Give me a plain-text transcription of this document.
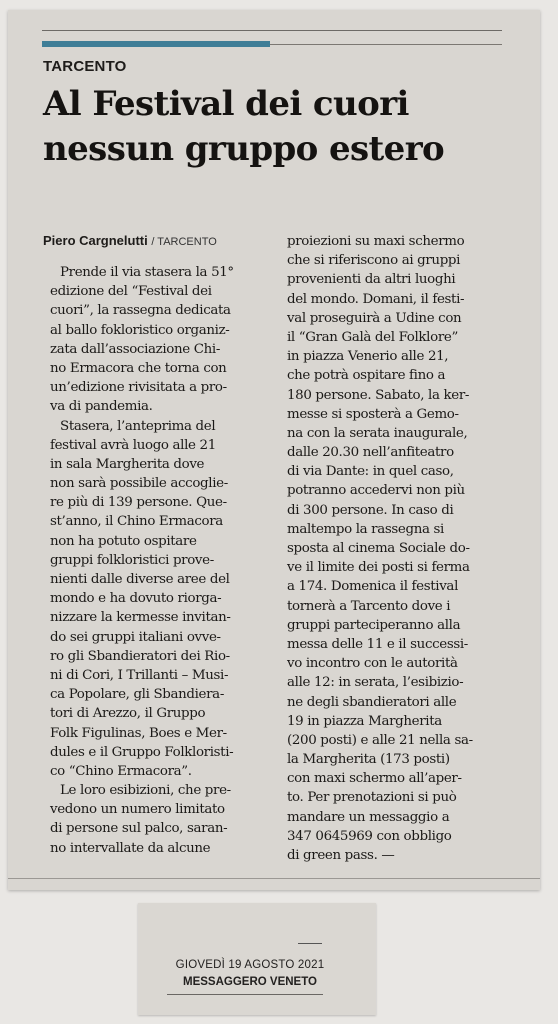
TARCENTO
Al Festival dei cuori
nessun gruppo estero
Piero Cargnelutti / TARCENTO
Prende il via stasera la 51°
edizione del “Festival dei
cuori”, la rassegna dedicata
al ballo fokloristico organiz-
zata dall’associazione Chi-
no Ermacora che torna con
un’edizione rivisitata a pro-
va di pandemia.
Stasera, l’anteprima del
festival avrà luogo alle 21
in sala Margherita dove
non sarà possibile accoglie-
re più di 139 persone. Que-
st’anno, il Chino Ermacora
non ha potuto ospitare
gruppi folkloristici prove-
nienti dalle diverse aree del
mondo e ha dovuto riorga-
nizzare la kermesse invitan-
do sei gruppi italiani ovve-
ro gli Sbandieratori dei Rio-
ni di Cori, I Trillanti – Musi-
ca Popolare, gli Sbandiera-
tori di Arezzo, il Gruppo
Folk Figulinas, Boes e Mer-
dules e il Gruppo Folkloristi-
co “Chino Ermacora”.
Le loro esibizioni, che pre-
vedono un numero limitato
di persone sul palco, saran-
no intervallate da alcune
proiezioni su maxi schermo
che si riferiscono ai gruppi
provenienti da altri luoghi
del mondo. Domani, il festi-
val proseguirà a Udine con
il “Gran Galà del Folklore”
in piazza Venerio alle 21,
che potrà ospitare fino a
180 persone. Sabato, la ker-
messe si sposterà a Gemo-
na con la serata inaugurale,
dalle 20.30 nell’anfiteatro
di via Dante: in quel caso,
potranno accedervi non più
di 300 persone. In caso di
maltempo la rassegna si
sposta al cinema Sociale do-
ve il limite dei posti si ferma
a 174. Domenica il festival
tornerà a Tarcento dove i
gruppi parteciperanno alla
messa delle 11 e il successi-
vo incontro con le autorità
alle 12: in serata, l’esibizio-
ne degli sbandieratori alle
19 in piazza Margherita
(200 posti) e alle 21 nella sa-
la Margherita (173 posti)
con maxi schermo all’aper-
to. Per prenotazioni si può
mandare un messaggio a
347 0645969 con obbligo
di green pass. —
GIOVEDÌ 19 AGOSTO 2021
MESSAGGERO VENETO
